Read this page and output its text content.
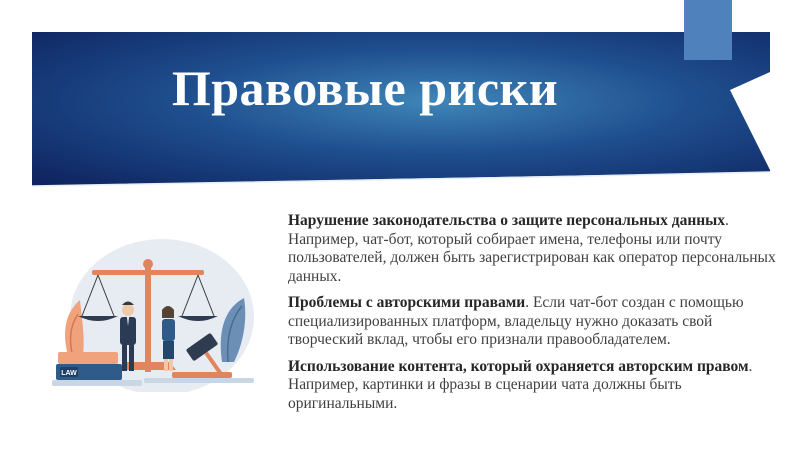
Правовые риски
LAW

Нарушение законодательства о защите персональных данных. Например, чат-бот, который собирает имена, телефоны или почту пользователей, должен быть зарегистрирован как оператор персональных данных.

Проблемы с авторскими правами. Если чат-бот создан с помощью специализированных платформ, владельцу нужно доказать свой творческий вклад, чтобы его признали правообладателем.

Использование контента, который охраняется авторским правом. Например, картинки и фразы в сценарии чата должны быть оригинальными.
